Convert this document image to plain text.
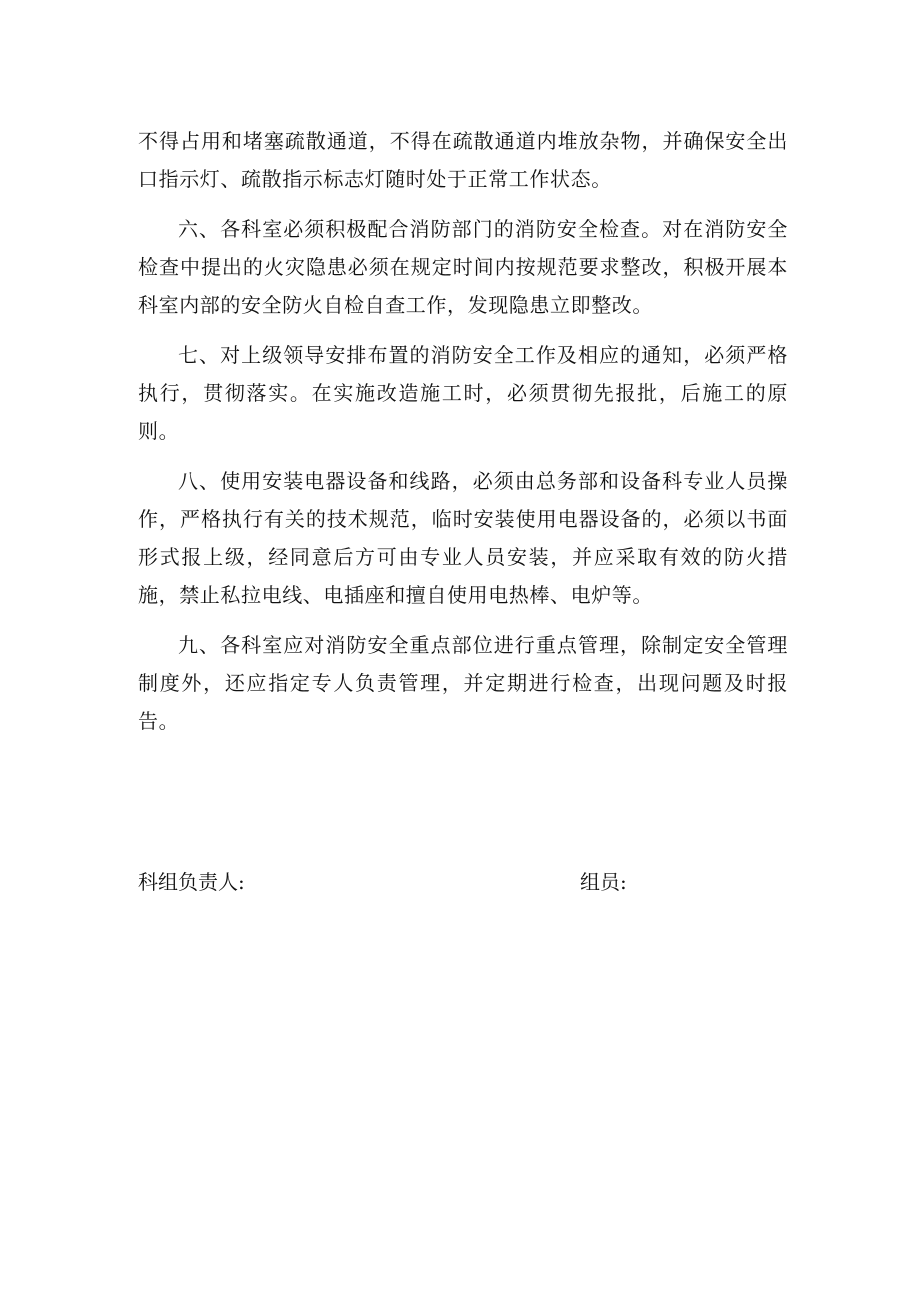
不得占用和堵塞疏散通道，不得在疏散通道内堆放杂物，并确保安全出口指示灯、疏散指示标志灯随时处于正常工作状态。

六、各科室必须积极配合消防部门的消防安全检查。对在消防安全检查中提出的火灾隐患必须在规定时间内按规范要求整改，积极开展本科室内部的安全防火自检自查工作，发现隐患立即整改。

七、对上级领导安排布置的消防安全工作及相应的通知，必须严格执行，贯彻落实。在实施改造施工时，必须贯彻先报批，后施工的原则。

八、使用安装电器设备和线路，必须由总务部和设备科专业人员操作，严格执行有关的技术规范，临时安装使用电器设备的，必须以书面形式报上级，经同意后方可由专业人员安装，并应采取有效的防火措施，禁止私拉电线、电插座和擅自使用电热棒、电炉等。

九、各科室应对消防安全重点部位进行重点管理，除制定安全管理制度外，还应指定专人负责管理，并定期进行检查，出现问题及时报告。

科组负责人:	组员:
